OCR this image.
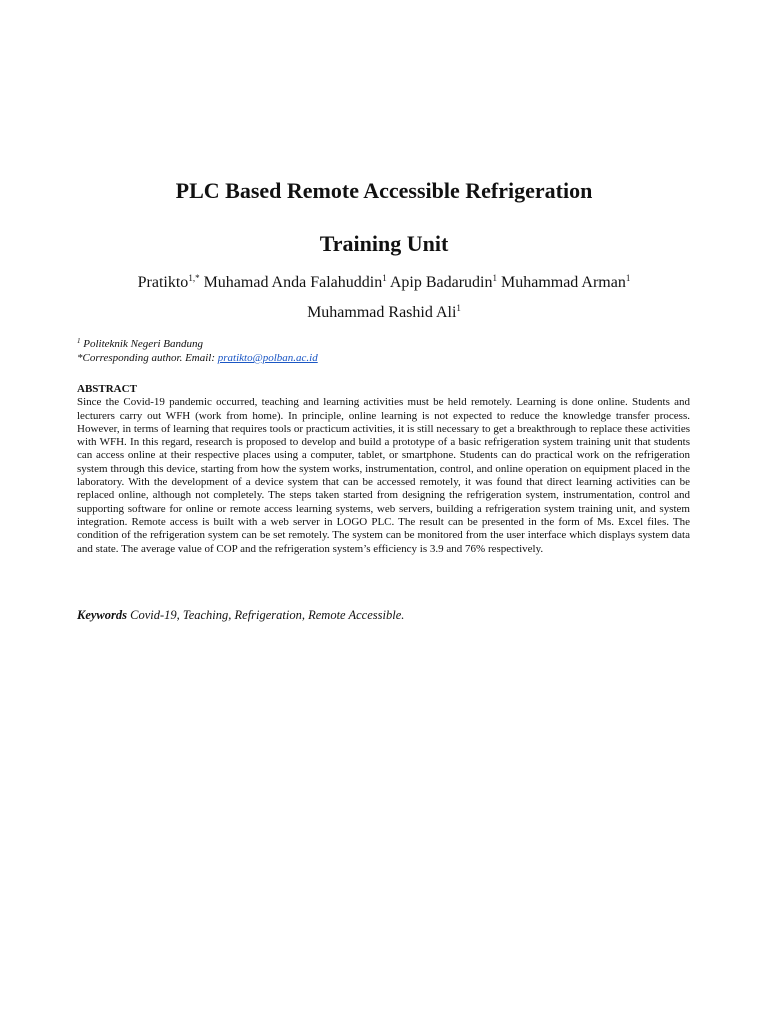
PLC Based Remote Accessible Refrigeration
Training Unit
Pratikto$^{1,*}$ Muhamad Anda Falahuddin$^1$ Apip Badarudin$^1$ Muhammad Arman$^1$
Muhammad Rashid Ali$^1$
$^1$ Politeknik Negeri Bandung
*Corresponding author. Email: pratikto@polban.ac.id

ABSTRACT

Since the Covid-19 pandemic occurred, teaching and learning activities must be held remotely. Learning is done online. Students and lecturers carry out WFH (work from home). In principle, online learning is not expected to reduce the knowledge transfer process. However, in terms of learning that requires tools or practicum activities, it is still necessary to get a breakthrough to replace these activities with WFH. In this regard, research is proposed to develop and build a prototype of a basic refrigeration system training unit that students can access online at their respective places using a computer, tablet, or smartphone. Students can do practical work on the refrigeration system through this device, starting from how the system works, instrumentation, control, and online operation on equipment placed in the laboratory. With the development of a device system that can be accessed remotely, it was found that direct learning activities can be replaced online, although not completely. The steps taken started from designing the refrigeration system, instrumentation, control and supporting software for online or remote access learning systems, web servers, building a refrigeration system training unit, and system integration. Remote access is built with a web server in LOGO PLC. The result can be presented in the form of Ms. Excel files. The condition of the refrigeration system can be set remotely. The system can be monitored from the user interface which displays system data and state. The average value of COP and the refrigeration system’s efficiency is 3.9 and 76% respectively.

Keywords Covid-19, Teaching, Refrigeration, Remote Accessible.
